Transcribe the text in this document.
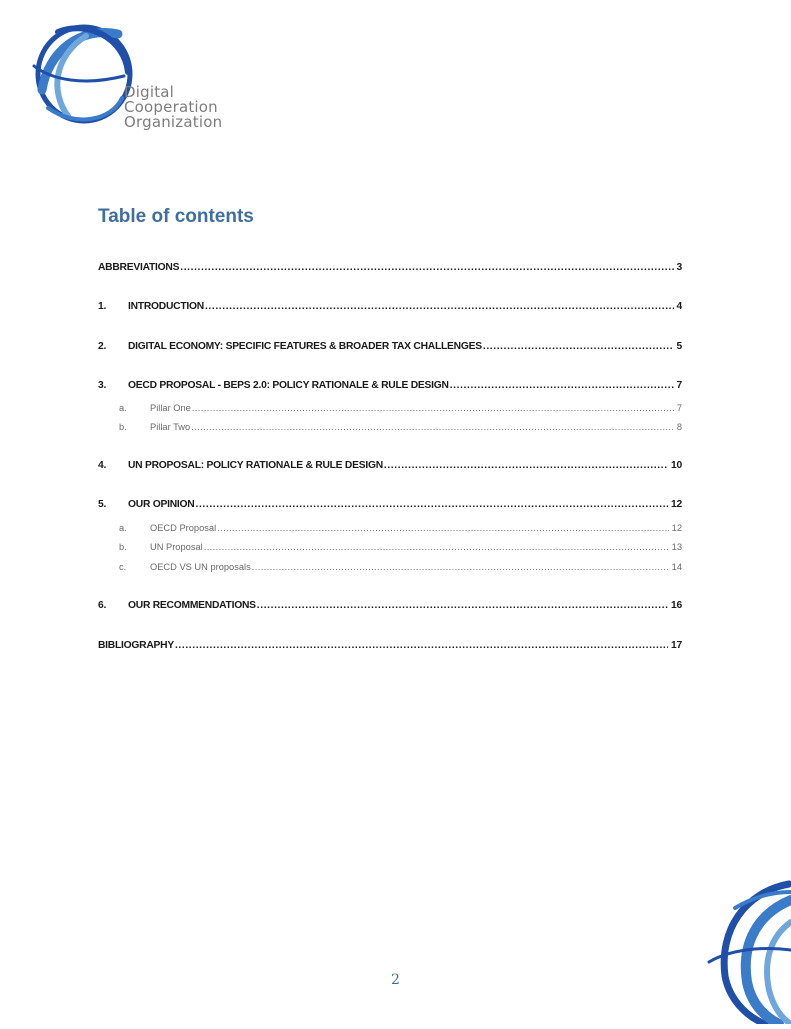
Digital
Cooperation
Organization
Table of contents
ABBREVIATIONS .....	3
1.	INTRODUCTION .....	4
2.	DIGITAL ECONOMY: SPECIFIC FEATURES & BROADER TAX CHALLENGES .....	5
3.	OECD PROPOSAL - BEPS 2.0: POLICY RATIONALE & RULE DESIGN .....	7
a.	Pillar One .....	7
b.	Pillar Two .....	8
4.	UN PROPOSAL: POLICY RATIONALE & RULE DESIGN .....	10
5.	OUR OPINION .....	12
a.	OECD Proposal .....	12
b.	UN Proposal .....	13
c.	OECD VS UN proposals .....	14
6.	OUR RECOMMENDATIONS .....	16
BIBLIOGRAPHY .....	17
2
